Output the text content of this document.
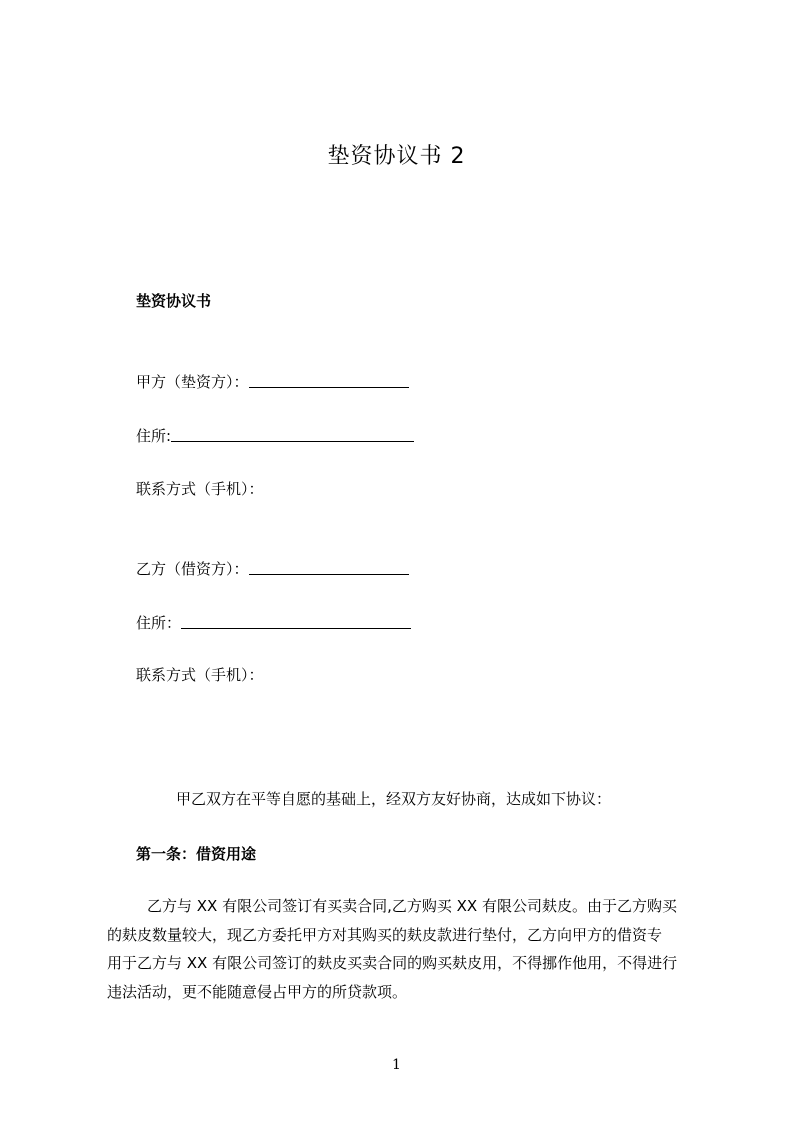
垫资协议书 2
垫资协议书
甲方（垫资方）：
住所:
联系方式（手机）：
乙方（借资方）：
住所：
联系方式（手机）：
甲乙双方在平等自愿的基础上，经双方友好协商，达成如下协议：
第一条：借资用途
乙方与 XX 有限公司签订有买卖合同,乙方购买 XX 有限公司麸皮。由于乙方购买
的麸皮数量较大，现乙方委托甲方对其购买的麸皮款进行垫付，乙方向甲方的借资专
用于乙方与 XX 有限公司签订的麸皮买卖合同的购买麸皮用，不得挪作他用，不得进行
违法活动，更不能随意侵占甲方的所贷款项。
1
